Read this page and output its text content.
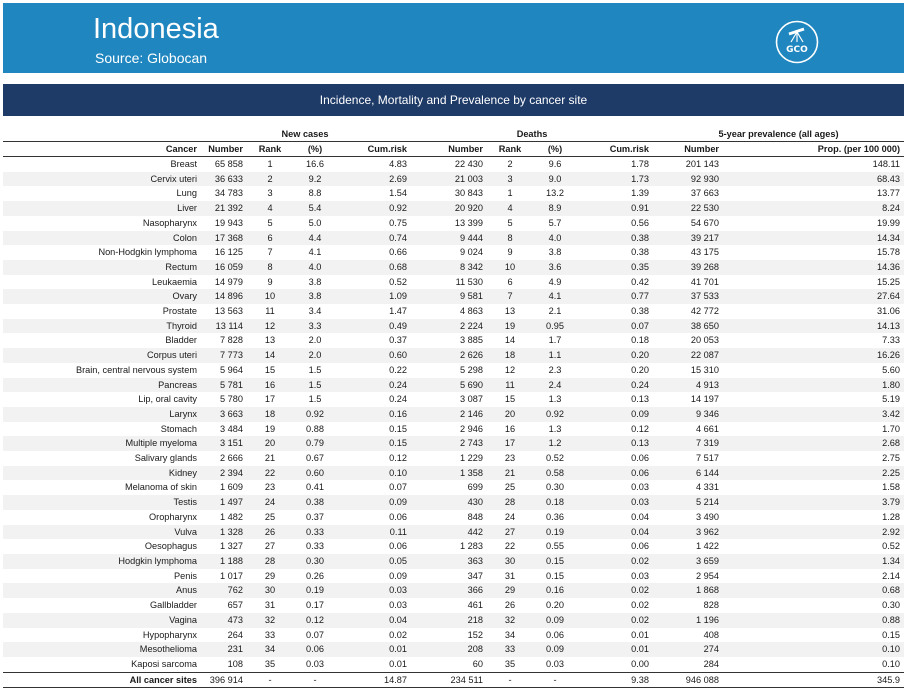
Indonesia
Source: Globocan	GCO
Incidence, Mortality and Prevalence by cancer site
	New cases				Deaths				5-year prevalence (all ages)	
Cancer	Number	Rank	(%)	Cum.risk	Number	Rank	(%)	Cum.risk	Number	Prop. (per 100 000)
Breast	65 858	1	16.6	4.83	22 430	2	9.6	1.78	201 143	148.11
Cervix uteri	36 633	2	9.2	2.69	21 003	3	9.0	1.73	92 930	68.43
Lung	34 783	3	8.8	1.54	30 843	1	13.2	1.39	37 663	13.77
Liver	21 392	4	5.4	0.92	20 920	4	8.9	0.91	22 530	8.24
Nasopharynx	19 943	5	5.0	0.75	13 399	5	5.7	0.56	54 670	19.99
Colon	17 368	6	4.4	0.74	9 444	8	4.0	0.38	39 217	14.34
Non-Hodgkin lymphoma	16 125	7	4.1	0.66	9 024	9	3.8	0.38	43 175	15.78
Rectum	16 059	8	4.0	0.68	8 342	10	3.6	0.35	39 268	14.36
Leukaemia	14 979	9	3.8	0.52	11 530	6	4.9	0.42	41 701	15.25
Ovary	14 896	10	3.8	1.09	9 581	7	4.1	0.77	37 533	27.64
Prostate	13 563	11	3.4	1.47	4 863	13	2.1	0.38	42 772	31.06
Thyroid	13 114	12	3.3	0.49	2 224	19	0.95	0.07	38 650	14.13
Bladder	7 828	13	2.0	0.37	3 885	14	1.7	0.18	20 053	7.33
Corpus uteri	7 773	14	2.0	0.60	2 626	18	1.1	0.20	22 087	16.26
Brain, central nervous system	5 964	15	1.5	0.22	5 298	12	2.3	0.20	15 310	5.60
Pancreas	5 781	16	1.5	0.24	5 690	11	2.4	0.24	4 913	1.80
Lip, oral cavity	5 780	17	1.5	0.24	3 087	15	1.3	0.13	14 197	5.19
Larynx	3 663	18	0.92	0.16	2 146	20	0.92	0.09	9 346	3.42
Stomach	3 484	19	0.88	0.15	2 946	16	1.3	0.12	4 661	1.70
Multiple myeloma	3 151	20	0.79	0.15	2 743	17	1.2	0.13	7 319	2.68
Salivary glands	2 666	21	0.67	0.12	1 229	23	0.52	0.06	7 517	2.75
Kidney	2 394	22	0.60	0.10	1 358	21	0.58	0.06	6 144	2.25
Melanoma of skin	1 609	23	0.41	0.07	699	25	0.30	0.03	4 331	1.58
Testis	1 497	24	0.38	0.09	430	28	0.18	0.03	5 214	3.79
Oropharynx	1 482	25	0.37	0.06	848	24	0.36	0.04	3 490	1.28
Vulva	1 328	26	0.33	0.11	442	27	0.19	0.04	3 962	2.92
Oesophagus	1 327	27	0.33	0.06	1 283	22	0.55	0.06	1 422	0.52
Hodgkin lymphoma	1 188	28	0.30	0.05	363	30	0.15	0.02	3 659	1.34
Penis	1 017	29	0.26	0.09	347	31	0.15	0.03	2 954	2.14
Anus	762	30	0.19	0.03	366	29	0.16	0.02	1 868	0.68
Gallbladder	657	31	0.17	0.03	461	26	0.20	0.02	828	0.30
Vagina	473	32	0.12	0.04	218	32	0.09	0.02	1 196	0.88
Hypopharynx	264	33	0.07	0.02	152	34	0.06	0.01	408	0.15
Mesothelioma	231	34	0.06	0.01	208	33	0.09	0.01	274	0.10
Kaposi sarcoma	108	35	0.03	0.01	60	35	0.03	0.00	284	0.10
All cancer sites	396 914	-	-	14.87	234 511	-	-	9.38	946 088	345.9
